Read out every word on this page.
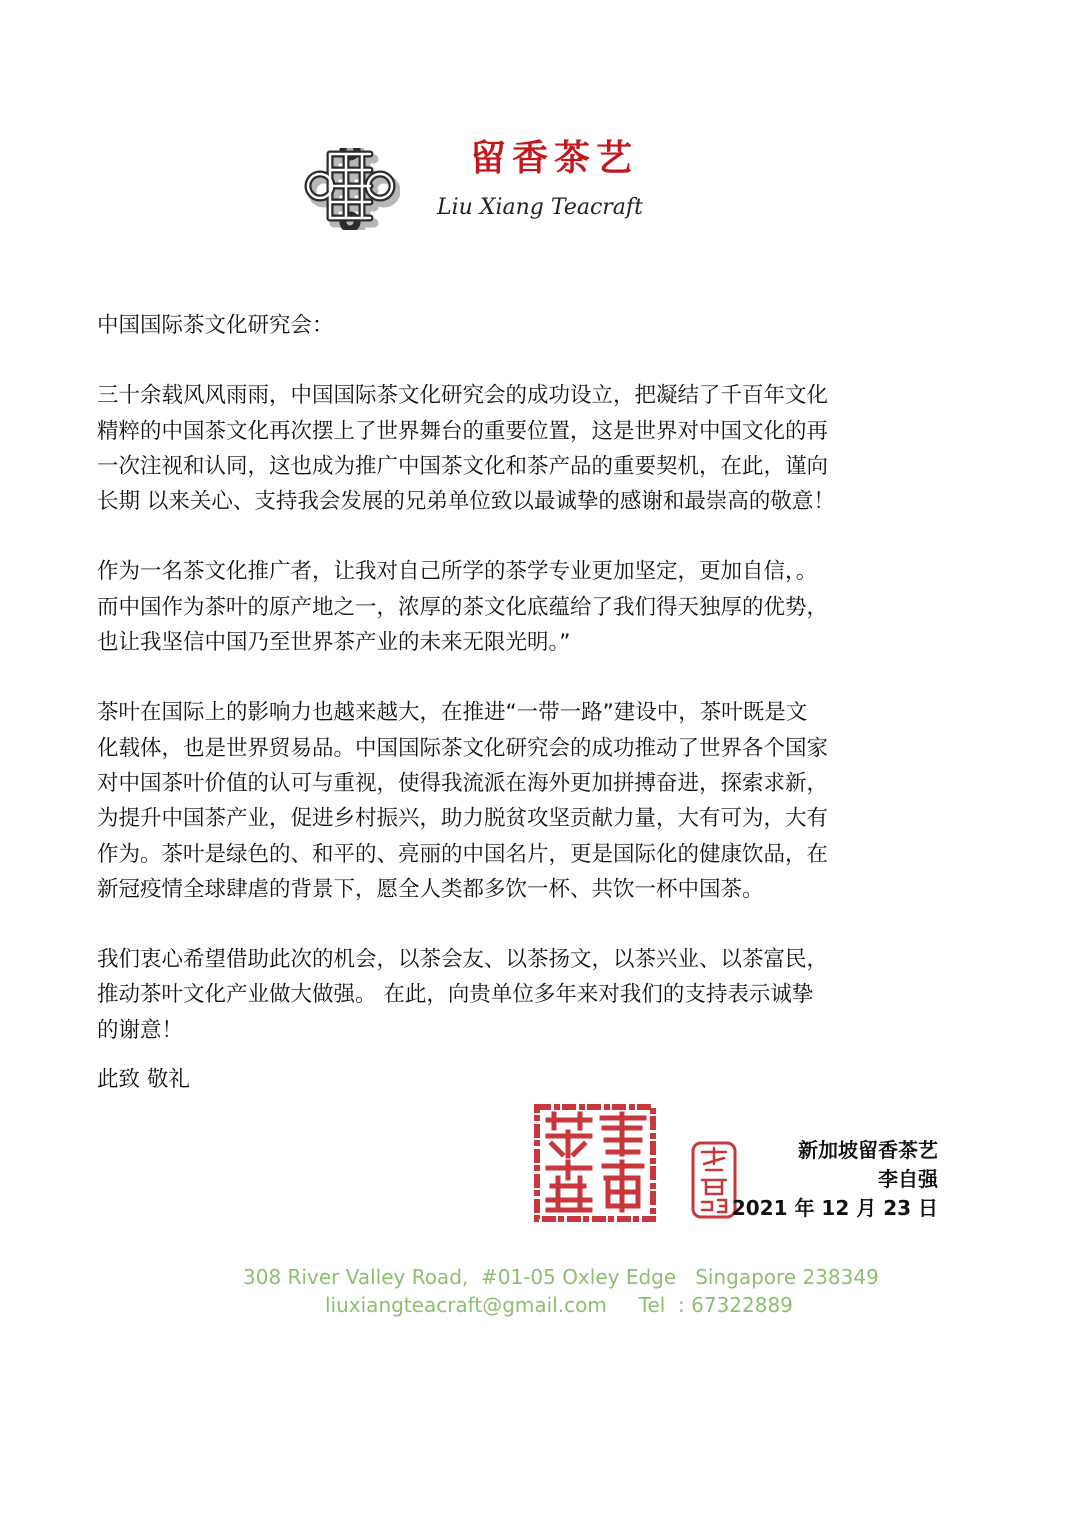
留香茶艺
Liu Xiang Teacraft

中国国际茶文化研究会：

三十余载风风雨雨，中国国际茶文化研究会的成功设立，把凝结了千百年文化
精粹的中国茶文化再次摆上了世界舞台的重要位置，这是世界对中国文化的再
一次注视和认同，这也成为推广中国茶文化和茶产品的重要契机，在此，谨向
长期 以来关心、支持我会发展的兄弟单位致以最诚挚的感谢和最崇高的敬意！

作为一名茶文化推广者，让我对自己所学的茶学专业更加坚定，更加自信，。
而中国作为茶叶的原产地之一，浓厚的茶文化底蕴给了我们得天独厚的优势，
也让我坚信中国乃至世界茶产业的未来无限光明。”

茶叶在国际上的影响力也越来越大，在推进“一带一路”建设中，茶叶既是文
化载体，也是世界贸易品。中国国际茶文化研究会的成功推动了世界各个国家
对中国茶叶价值的认可与重视，使得我流派在海外更加拼搏奋进，探索求新，
为提升中国茶产业，促进乡村振兴，助力脱贫攻坚贡献力量，大有可为，大有
作为。茶叶是绿色的、和平的、亮丽的中国名片，更是国际化的健康饮品，在
新冠疫情全球肆虐的背景下，愿全人类都多饮一杯、共饮一杯中国茶。

我们衷心希望借助此次的机会，以茶会友、以茶扬文，以茶兴业、以茶富民，
推动茶叶文化产业做大做强。 在此，向贵单位多年来对我们的支持表示诚挚
的谢意！

此致 敬礼

新加坡留香茶艺
李自强
2021 年 12 月 23 日

308 River Valley Road,  #01-05 Oxley Edge   Singapore 238349

liuxiangteacraft@gmail.com     Tel  : 67322889
